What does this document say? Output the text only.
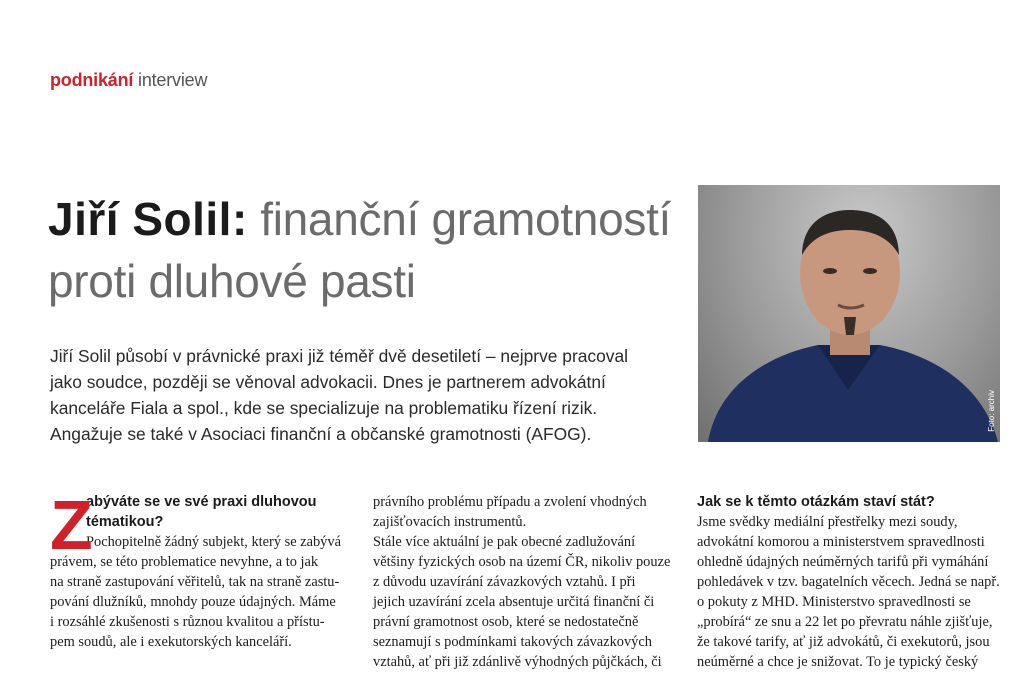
podnikání interview
Jiří Solil: finanční gramotností
proti dluhové pasti

Jiří Solil působí v právnické praxi již téměř dvě desetiletí – nejprve pracoval

jako soudce, později se věnoval advokacii. Dnes je partnerem advokátní

kanceláře Fiala a spol., kde se specializuje na problematiku řízení rizik.

Angažuje se také v Asociaci finanční a občanské gramotnosti (AFOG).

Foto: archiv
Z
abýváte se ve své praxi dluhovou
tématikou?
Pochopitelně žádný subjekt, který se zabývá
právem, se této problematice nevyhne, a to jak
na straně zastupování věřitelů, tak na straně zastu-
pování dlužníků, mnohdy pouze údajných. Máme
i rozsáhlé zkušenosti s různou kvalitou a přístu-
pem soudů, ale i exekutorských kanceláří.
právního problému případu a zvolení vhodných
zajišťovacích instrumentů.
Stále více aktuální je pak obecné zadlužování
většiny fyzických osob na území ČR, nikoliv pouze
z důvodu uzavírání závazkových vztahů. I při
jejich uzavírání zcela absentuje určitá finanční či
právní gramotnost osob, které se nedostatečně
seznamují s podmínkami takových závazkových
vztahů, ať při již zdánlivě výhodných půjčkách, či
Jak se k těmto otázkám staví stát?
Jsme svědky mediální přestřelky mezi soudy,
advokátní komorou a ministerstvem spravedlnosti
ohledně údajných neúměrných tarifů při vymáhání
pohledávek v tzv. bagatelních věcech. Jedná se např.
o pokuty z MHD. Ministerstvo spravedlnosti se
„probírá“ ze snu a 22 let po převratu náhle zjišťuje,
že takové tarify, ať již advokátů, či exekutorů, jsou
neúměrné a chce je snižovat. To je typický český
